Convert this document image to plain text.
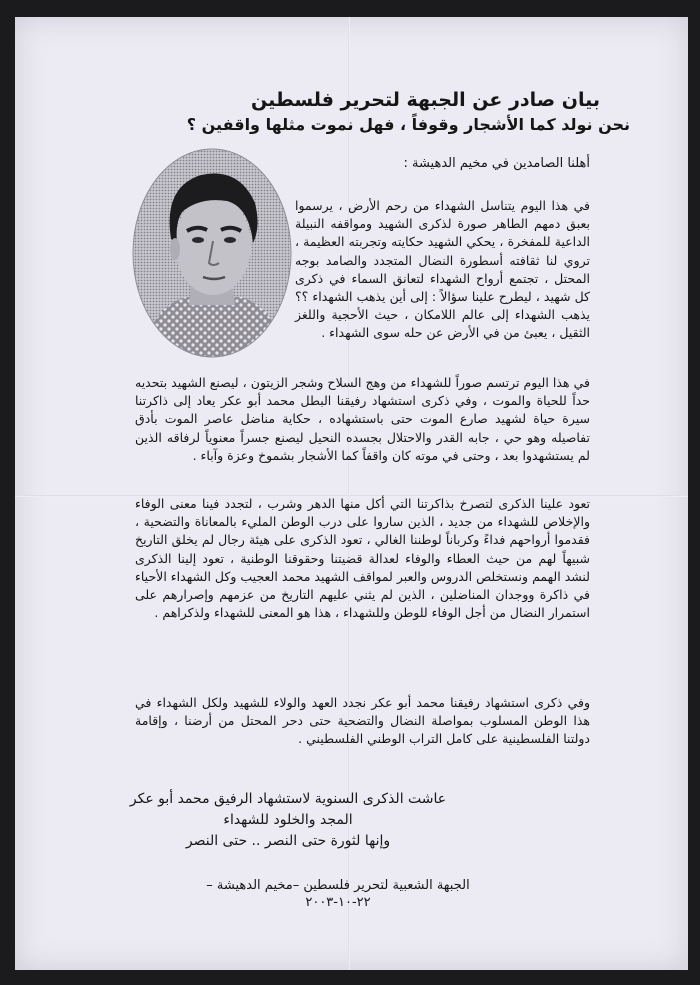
بيان صادر عن الجبهة لتحرير فلسطين
نحن نولد كما الأشجار وقوفاً ، فهل نموت مثلها واقفين ؟
أهلنا الصامدين في مخيم الدهيشة :
في هذا اليوم يتناسل الشهداء من رحم الأرض ، يرسموا بعبق دمهم الطاهر صورة لذكرى الشهيد ومواقفه النبيلة الداعية للمفخرة ، يحكي الشهيد حكايته وتجربته العظيمة ، تروي لنا ثقافته أسطورة النضال المتجدد والصامد بوجه المحتل ، تجتمع أرواح الشهداء لتعانق السماء في ذكرى كل شهيد ، ليطرح علينا سؤالاً : إلى أين يذهب الشهداء ؟؟ يذهب الشهداء إلى عالم اللامكان ، حيث الأحجية واللغز الثقيل ، يعبئ من في الأرض عن حله سوى الشهداء .
في هذا اليوم ترتسم صوراً للشهداء من وهج السلاح وشجر الزيتون ، ليصنع الشهيد بتحديه حداً للحياة والموت ، وفي ذكرى استشهاد رفيقنا البطل محمد أبو عكر يعاد إلى ذاكرتنا سيرة حياة لشهيد صارع الموت حتى باستشهاده ، حكاية مناضل عاصر الموت بأدق تفاصيله وهو حي ، جابه القدر والاحتلال بجسده النحيل ليصنع جسراً معنوياً لرفاقه الذين لم يستشهدوا بعد ، وحتى في موته كان واقفاً كما الأشجار بشموخ وعزة وآباء .
تعود علينا الذكرى لتصرخ بذاكرتنا التي أكل منها الدهر وشرب ، لتجدد فينا معنى الوفاء والإخلاص للشهداء من جديد ، الذين ساروا على درب الوطن المليء بالمعاناة والتضحية ، فقدموا أرواحهم فداءً وكرباناً لوطننا الغالي ، تعود الذكرى على هيئة رجال لم يخلق التاريخ شبيهاً لهم من حيث العطاء والوفاء لعدالة قضيتنا وحقوقنا الوطنية ، تعود إلينا الذكرى لنشد الهمم ونستخلص الدروس والعبر لمواقف الشهيد محمد العجيب وكل الشهداء الأحياء في ذاكرة ووجدان المناضلين ، الذين لم يثني عليهم التاريخ من عزمهم وإصرارهم على استمرار النضال من أجل الوفاء للوطن وللشهداء ، هذا هو المعنى للشهداء ولذكراهم .
وفي ذكرى استشهاد رفيقنا محمد أبو عكر نجدد العهد والولاء للشهيد ولكل الشهداء في هذا الوطن المسلوب بمواصلة النضال والتضحية حتى دحر المحتل من أرضنا ، وإقامة دولتنا الفلسطينية على كامل التراب الوطني الفلسطيني .
عاشت الذكرى السنوية لاستشهاد الرفيق محمد أبو عكر
المجد والخلود للشهداء
وإنها لثورة حتى النصر .. حتى النصر
الجبهة الشعبية لتحرير فلسطين –مخيم الدهيشة –
٢٢-١٠-٢٠٠٣
